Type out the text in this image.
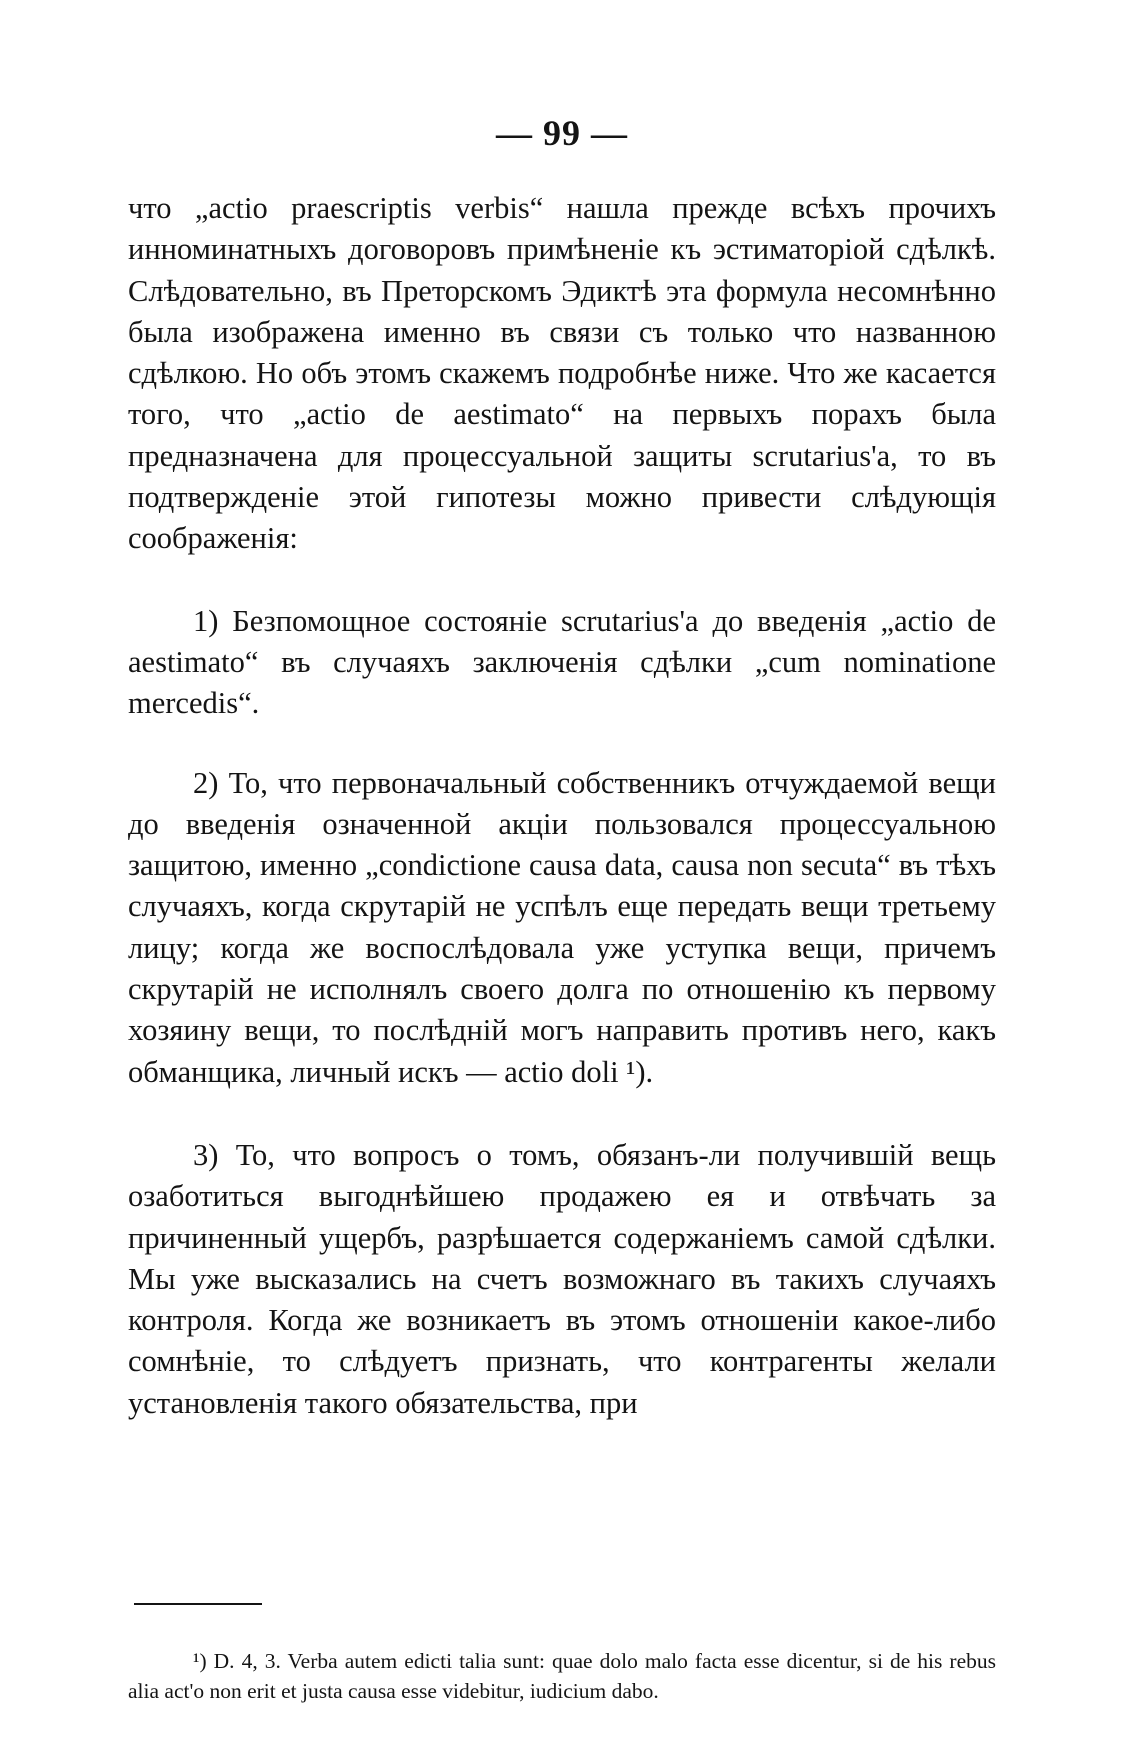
— 99 —

что „actio praescriptis verbis“ нашла прежде всѣхъ прочихъ инноминатныхъ договоровъ примѣненіе къ эстиматоріой сдѣлкѣ. Слѣдовательно, въ Преторскомъ Эдиктѣ эта формула несомнѣнно была изображена именно въ связи съ только что названною сдѣлкою. Но объ этомъ скажемъ подробнѣе ниже. Что же касается того, что „actio de aestimato“ на первыхъ порахъ была предназначена для процессуальной защиты scrutarius'a, то въ подтвержденіе этой гипотезы можно привести слѣдующія соображенія:

1) Безпомощное состояніе scrutarius'a до введенія „actio de aestimato“ въ случаяхъ заключенія сдѣлки „cum nominatione mercedis“.

2) То, что первоначальный собственникъ отчуждаемой вещи до введенія означенной акціи пользовался процессуальною защитою, именно „condictione causa data, causa non secuta“ въ тѣхъ случаяхъ, когда скрутарій не успѣлъ еще передать вещи третьему лицу; когда же воспослѣдовала уже уступка вещи, причемъ скрутарій не исполнялъ своего долга по отношенію къ первому хозяину вещи, то послѣдній могъ направить противъ него, какъ обманщика, личный искъ — actio doli ¹).

3) То, что вопросъ о томъ, обязанъ-ли получившій вещь озаботиться выгоднѣйшею продажею ея и отвѣчать за причиненный ущербъ, разрѣшается содержаніемъ самой сдѣлки. Мы уже высказались на счетъ возможнаго въ такихъ случаяхъ контроля. Когда же возникаетъ въ этомъ отношеніи какое-либо сомнѣніе, то слѣдуетъ признать, что контрагенты желали установленія такого обязательства, при

¹) D. 4, 3. Verba autem edicti talia sunt: quae dolo malo facta esse dicentur, si de his rebus alia act'o non erit et justa causa esse videbitur, iudicium dabo.
